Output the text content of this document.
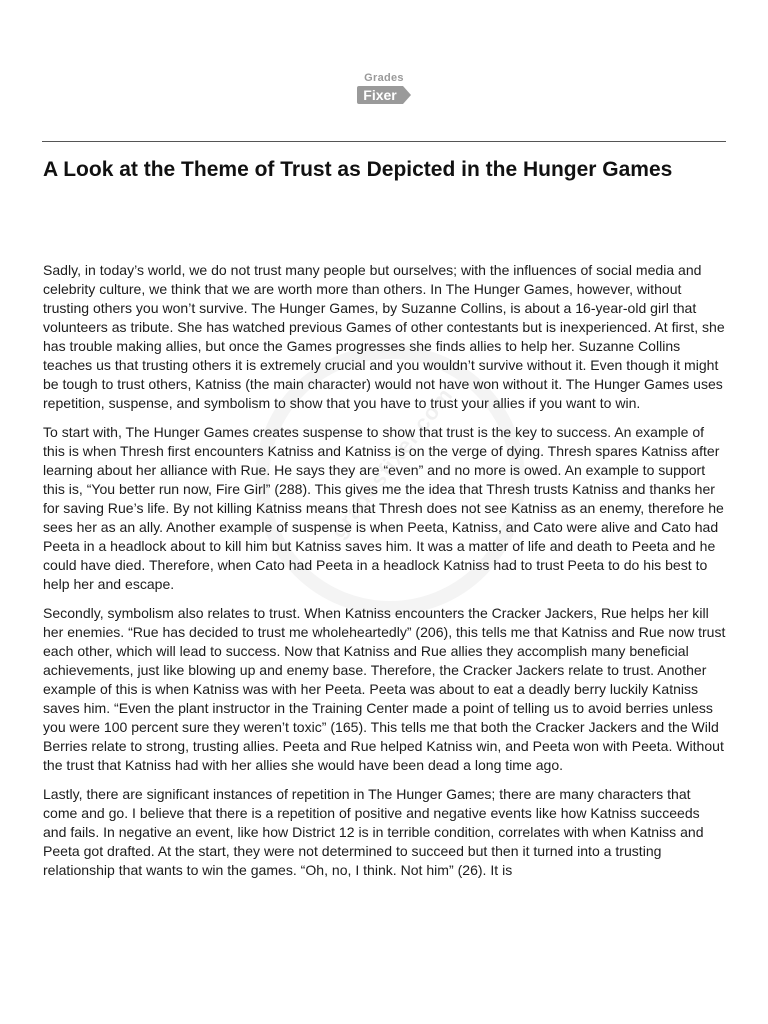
gradesfixer.com
Grades
Fixer
A Look at the Theme of Trust as Depicted in the Hunger Games

Sadly, in today’s world, we do not trust many people but ourselves; with the influences of social media and celebrity culture, we think that we are worth more than others. In The Hunger Games, however, without trusting others you won’t survive. The Hunger Games, by Suzanne Collins, is about a 16-year-old girl that volunteers as tribute. She has watched previous Games of other contestants but is inexperienced. At first, she has trouble making allies, but once the Games progresses she finds allies to help her. Suzanne Collins teaches us that trusting others it is extremely crucial and you wouldn’t survive without it. Even though it might be tough to trust others, Katniss (the main character) would not have won without it. The Hunger Games uses repetition, suspense, and symbolism to show that you have to trust your allies if you want to win.

To start with, The Hunger Games creates suspense to show that trust is the key to success. An example of this is when Thresh first encounters Katniss and Katniss is on the verge of dying. Thresh spares Katniss after learning about her alliance with Rue. He says they are “even” and no more is owed. An example to support this is, “You better run now, Fire Girl” (288). This gives me the idea that Thresh trusts Katniss and thanks her for saving Rue’s life. By not killing Katniss means that Thresh does not see Katniss as an enemy, therefore he sees her as an ally. Another example of suspense is when Peeta, Katniss, and Cato were alive and Cato had Peeta in a headlock about to kill him but Katniss saves him. It was a matter of life and death to Peeta and he could have died. Therefore, when Cato had Peeta in a headlock Katniss had to trust Peeta to do his best to help her and escape.

Secondly, symbolism also relates to trust. When Katniss encounters the Cracker Jackers, Rue helps her kill her enemies. “Rue has decided to trust me wholeheartedly” (206), this tells me that Katniss and Rue now trust each other, which will lead to success. Now that Katniss and Rue allies they accomplish many beneficial achievements, just like blowing up and enemy base. Therefore, the Cracker Jackers relate to trust. Another example of this is when Katniss was with her Peeta. Peeta was about to eat a deadly berry luckily Katniss saves him. “Even the plant instructor in the Training Center made a point of telling us to avoid berries unless you were 100 percent sure they weren’t toxic” (165). This tells me that both the Cracker Jackers and the Wild Berries relate to strong, trusting allies. Peeta and Rue helped Katniss win, and Peeta won with Peeta. Without the trust that Katniss had with her allies she would have been dead a long time ago.

Lastly, there are significant instances of repetition in The Hunger Games; there are many characters that come and go. I believe that there is a repetition of positive and negative events like how Katniss succeeds and fails. In negative an event, like how District 12 is in terrible condition, correlates with when Katniss and Peeta got drafted. At the start, they were not determined to succeed but then it turned into a trusting relationship that wants to win the games. “Oh, no, I think. Not him” (26). It is
